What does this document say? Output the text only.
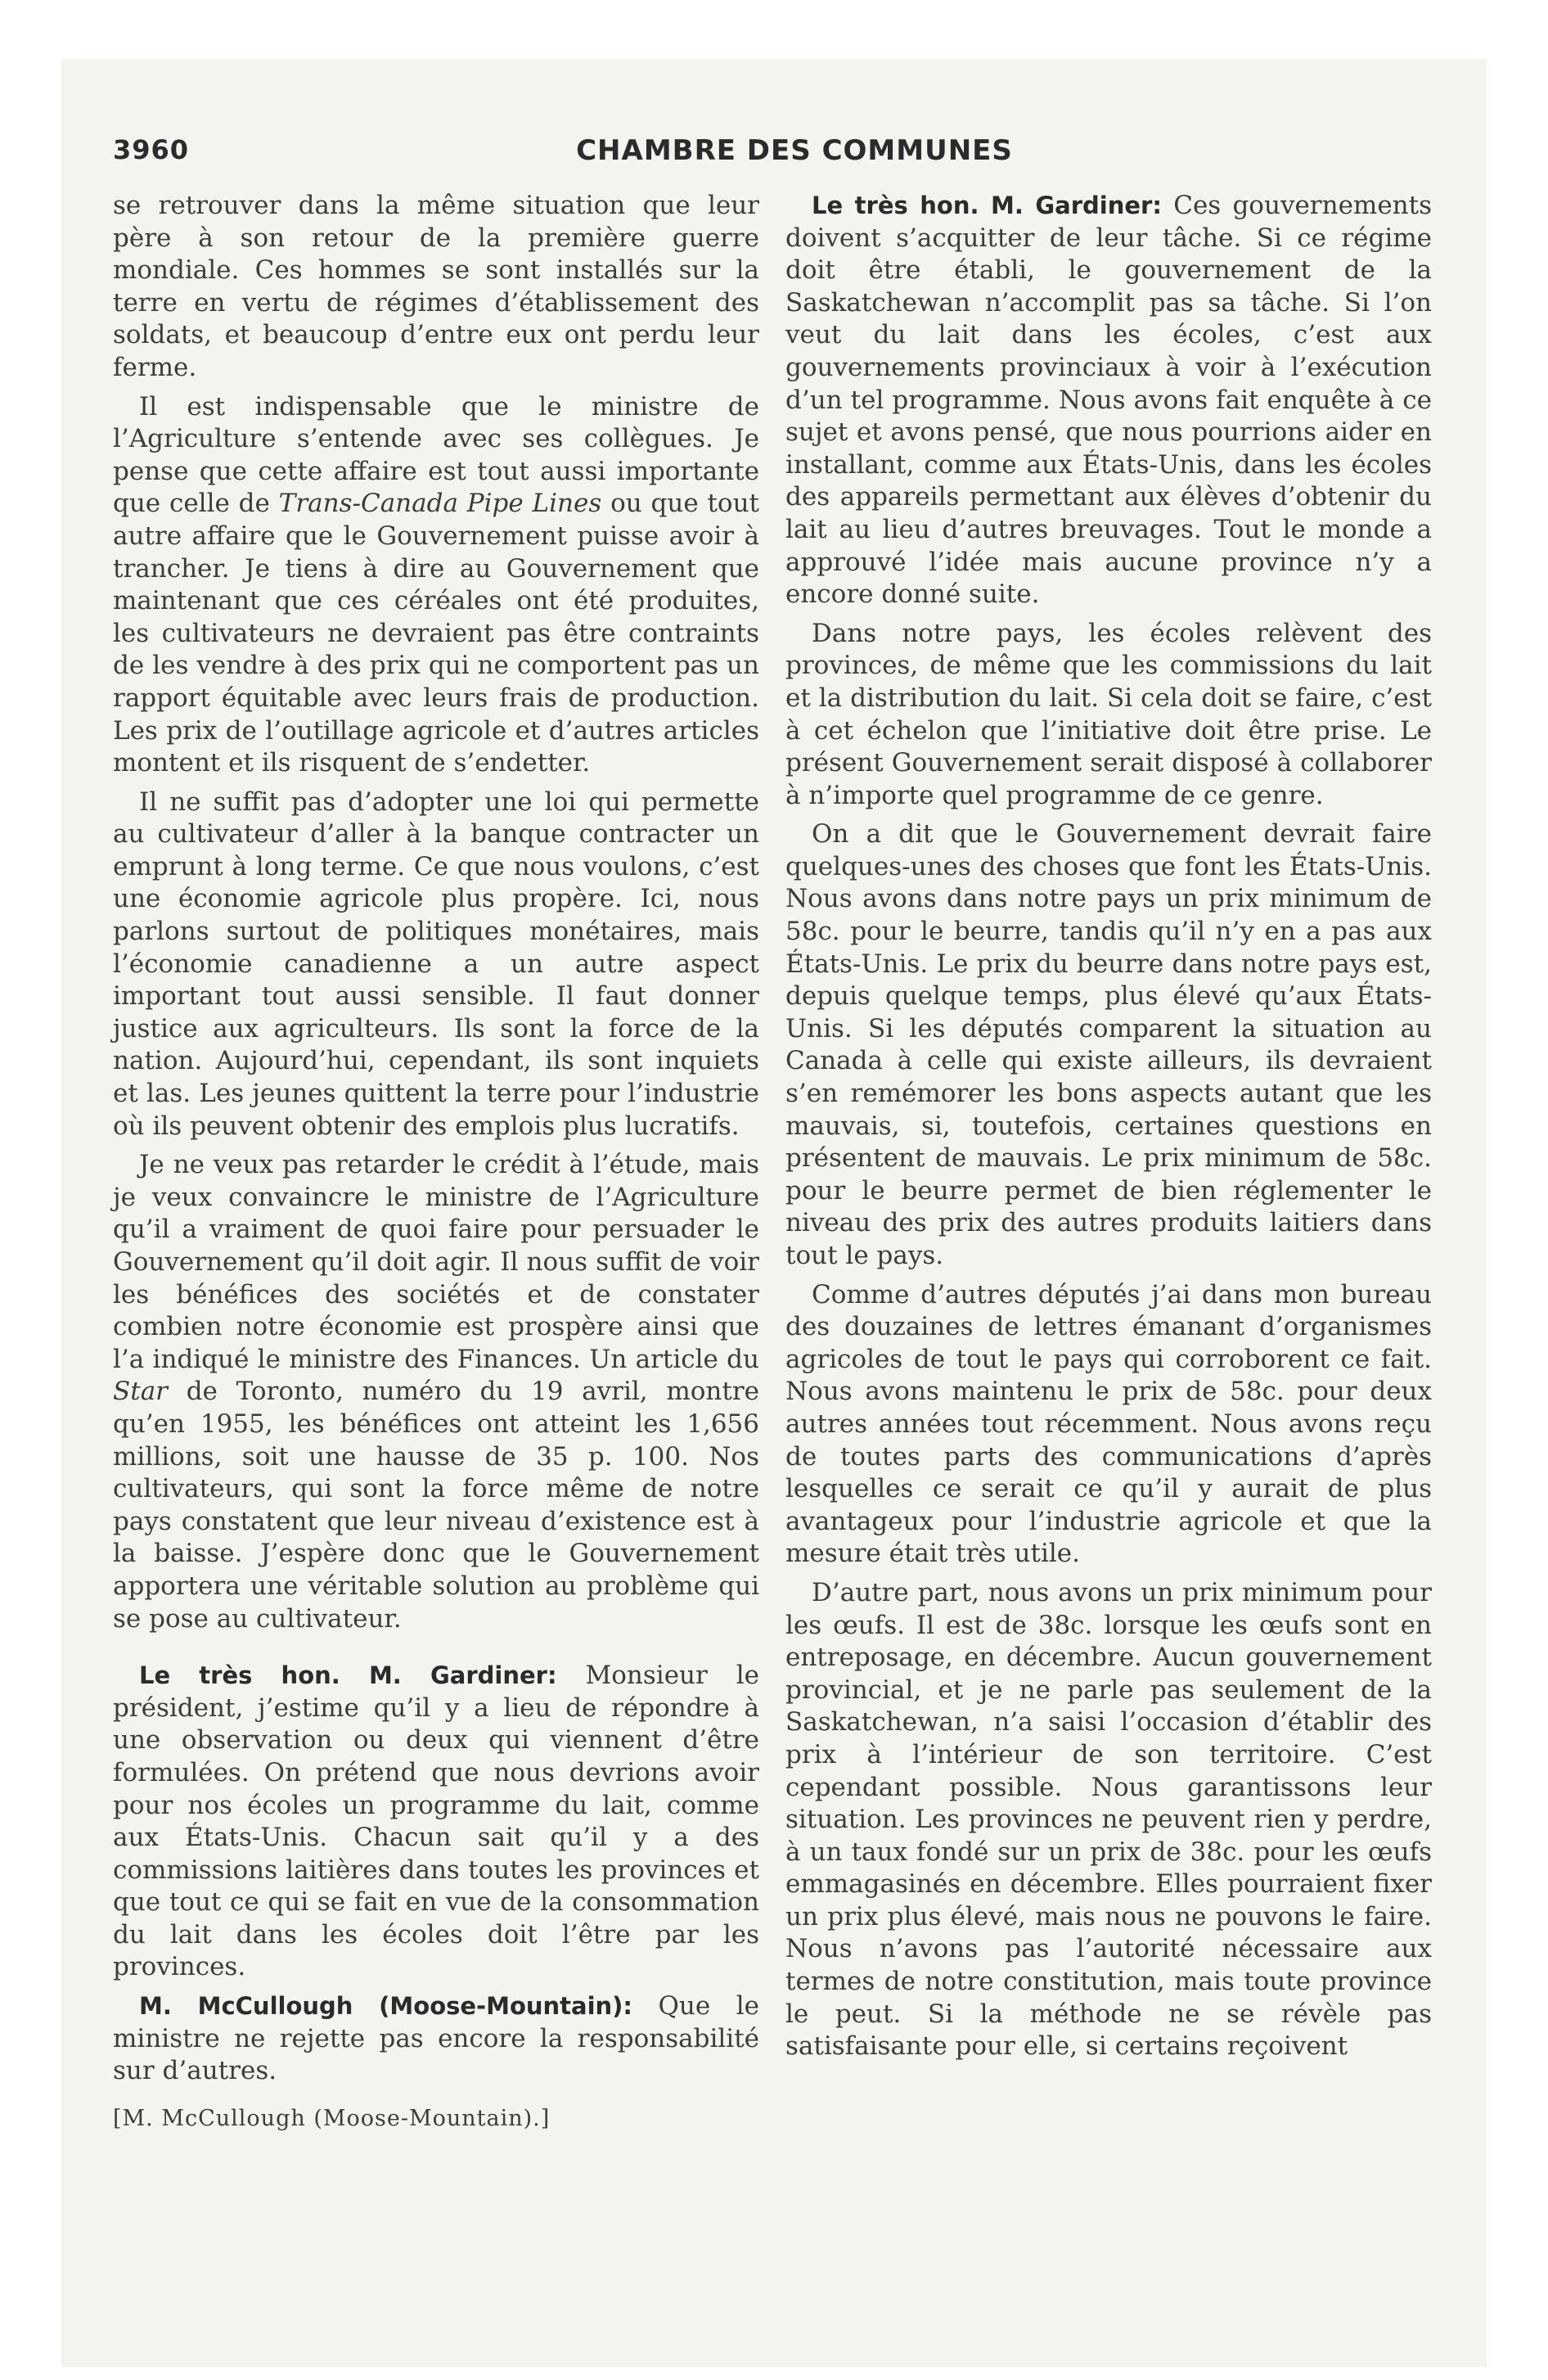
3960	CHAMBRE DES COMMUNES

se retrouver dans la même situation que leur père à son retour de la première guerre mondiale. Ces hommes se sont installés sur la terre en vertu de régimes d’établissement des soldats, et beaucoup d’entre eux ont perdu leur ferme.

Il est indispensable que le ministre de l’Agriculture s’entende avec ses collègues. Je pense que cette affaire est tout aussi importante que celle de Trans-Canada Pipe Lines ou que tout autre affaire que le Gouvernement puisse avoir à trancher. Je tiens à dire au Gouvernement que maintenant que ces céréales ont été produites, les cultivateurs ne devraient pas être contraints de les vendre à des prix qui ne comportent pas un rapport équitable avec leurs frais de production. Les prix de l’outillage agricole et d’autres articles montent et ils risquent de s’endetter.

Il ne suffit pas d’adopter une loi qui permette au cultivateur d’aller à la banque contracter un emprunt à long terme. Ce que nous voulons, c’est une économie agricole plus propère. Ici, nous parlons surtout de politiques monétaires, mais l’économie canadienne a un autre aspect important tout aussi sensible. Il faut donner justice aux agriculteurs. Ils sont la force de la nation. Aujourd’hui, cependant, ils sont inquiets et las. Les jeunes quittent la terre pour l’industrie où ils peuvent obtenir des emplois plus lucratifs.

Je ne veux pas retarder le crédit à l’étude, mais je veux convaincre le ministre de l’Agriculture qu’il a vraiment de quoi faire pour persuader le Gouvernement qu’il doit agir. Il nous suffit de voir les bénéfices des sociétés et de constater combien notre économie est prospère ainsi que l’a indiqué le ministre des Finances. Un article du Star de Toronto, numéro du 19 avril, montre qu’en 1955, les bénéfices ont atteint les 1,656 millions, soit une hausse de 35 p. 100. Nos cultivateurs, qui sont la force même de notre pays constatent que leur niveau d’existence est à la baisse. J’espère donc que le Gouvernement apportera une véritable solution au problème qui se pose au cultivateur.

Le très hon. M. Gardiner: Monsieur le président, j’estime qu’il y a lieu de répondre à une observation ou deux qui viennent d’être formulées. On prétend que nous devrions avoir pour nos écoles un programme du lait, comme aux États-Unis. Chacun sait qu’il y a des commissions laitières dans toutes les provinces et que tout ce qui se fait en vue de la consommation du lait dans les écoles doit l’être par les provinces.

M. McCullough (Moose-Mountain): Que le ministre ne rejette pas encore la responsabilité sur d’autres.

[M. McCullough (Moose-Mountain).]

Le très hon. M. Gardiner: Ces gouvernements doivent s’acquitter de leur tâche. Si ce régime doit être établi, le gouvernement de la Saskatchewan n’accomplit pas sa tâche. Si l’on veut du lait dans les écoles, c’est aux gouvernements provinciaux à voir à l’exécution d’un tel programme. Nous avons fait enquête à ce sujet et avons pensé, que nous pourrions aider en installant, comme aux États-Unis, dans les écoles des appareils permettant aux élèves d’obtenir du lait au lieu d’autres breuvages. Tout le monde a approuvé l’idée mais aucune province n’y a encore donné suite.

Dans notre pays, les écoles relèvent des provinces, de même que les commissions du lait et la distribution du lait. Si cela doit se faire, c’est à cet échelon que l’initiative doit être prise. Le présent Gouvernement serait disposé à collaborer à n’importe quel programme de ce genre.

On a dit que le Gouvernement devrait faire quelques-unes des choses que font les États-Unis. Nous avons dans notre pays un prix minimum de 58c. pour le beurre, tandis qu’il n’y en a pas aux États-Unis. Le prix du beurre dans notre pays est, depuis quelque temps, plus élevé qu’aux États-Unis. Si les députés comparent la situation au Canada à celle qui existe ailleurs, ils devraient s’en remémorer les bons aspects autant que les mauvais, si, toutefois, certaines questions en présentent de mauvais. Le prix minimum de 58c. pour le beurre permet de bien réglementer le niveau des prix des autres produits laitiers dans tout le pays.

Comme d’autres députés j’ai dans mon bureau des douzaines de lettres émanant d’organismes agricoles de tout le pays qui corroborent ce fait. Nous avons maintenu le prix de 58c. pour deux autres années tout récemment. Nous avons reçu de toutes parts des communications d’après lesquelles ce serait ce qu’il y aurait de plus avantageux pour l’industrie agricole et que la mesure était très utile.

D’autre part, nous avons un prix minimum pour les œufs. Il est de 38c. lorsque les œufs sont en entreposage, en décembre. Aucun gouvernement provincial, et je ne parle pas seulement de la Saskatchewan, n’a saisi l’occasion d’établir des prix à l’intérieur de son territoire. C’est cependant possible. Nous garantissons leur situation. Les provinces ne peuvent rien y perdre, à un taux fondé sur un prix de 38c. pour les œufs emmagasinés en décembre. Elles pourraient fixer un prix plus élevé, mais nous ne pouvons le faire. Nous n’avons pas l’autorité nécessaire aux termes de notre constitution, mais toute province le peut. Si la méthode ne se révèle pas satisfaisante pour elle, si certains reçoivent
